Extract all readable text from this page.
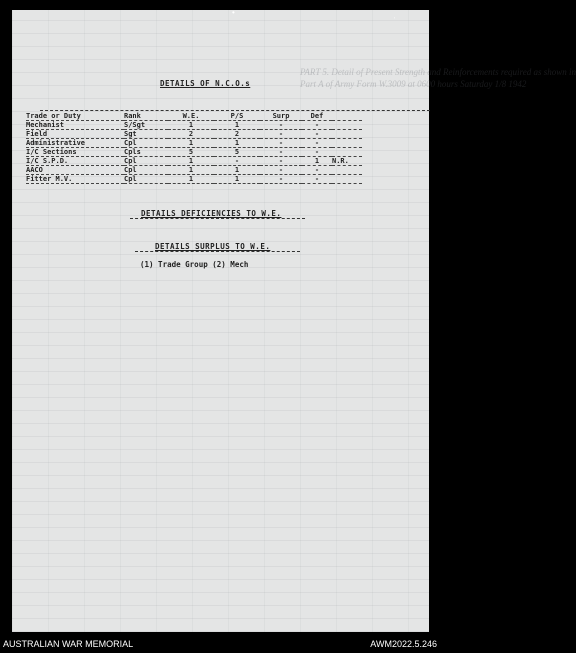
PART 5. Detail of Present Strength and Reinforcements required as shown in
Part A of Army Form W.3009 at 0600 hours Saturday 1/8 1942
DETAILS OF N.C.O.s
Trade or Duty	Rank	W.E.	P/S	Surp	Def	
Mechanist	S/Sgt	1	1	-	-	
Field	Sgt	2	2	-	-	
Administrative	Cpl	1	1	-	-	
I/C Sections	Cpls	5	5	-	-	
I/C S.P.D.	Cpl	1	-	-	1	N.R.
AACO	Cpl	1	1	-	-	
Fitter M.V.	Cpl	1	1	-	-	
DETAILS DEFICIENCIES TO W.E.
DETAILS SURPLUS TO W.E.
(1) Trade Group (2) Mech
•
ˈ
AUSTRALIAN WAR MEMORIAL	AWM2022.5.246
